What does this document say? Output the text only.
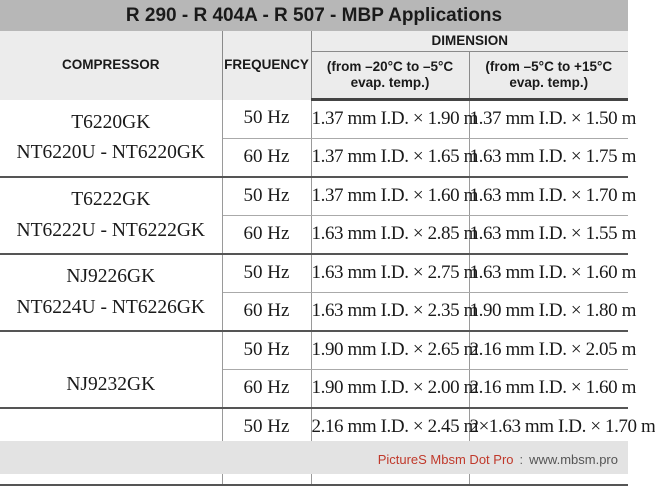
R 290 - R 404A - R 507 - MBP Applications
COMPRESSOR	FREQUENCY	DIMENSION	
		(from –20°C to –5°C evap. temp.)	(from –5°C to +15°C evap. temp.)

T6220GK
NT6220U - NT6220GK	50 Hz	1.37 mm I.D. × 1.90 m	1.37 mm I.D. × 1.50 m
	60 Hz	1.37 mm I.D. × 1.65 m	1.63 mm I.D. × 1.75 m

T6222GK
NT6222U - NT6222GK	50 Hz	1.37 mm I.D. × 1.60 m	1.63 mm I.D. × 1.70 m
	60 Hz	1.63 mm I.D. × 2.85 m	1.63 mm I.D. × 1.55 m

NJ9226GK
NT6224U - NT6226GK	50 Hz	1.63 mm I.D. × 2.75 m	1.63 mm I.D. × 1.60 m
	60 Hz	1.63 mm I.D. × 2.35 m	1.90 mm I.D. × 1.80 m

NJ9232GK	50 Hz	1.90 mm I.D. × 2.65 m	2.16 mm I.D. × 2.05 m
	60 Hz	1.90 mm I.D. × 2.00 m	2.16 mm I.D. × 1.60 m

	50 Hz	2.16 mm I.D. × 2.45 m	2×1.63 mm I.D. × 1.70 m

PictureS Mbsm Dot Pro : www.mbsm.pro
